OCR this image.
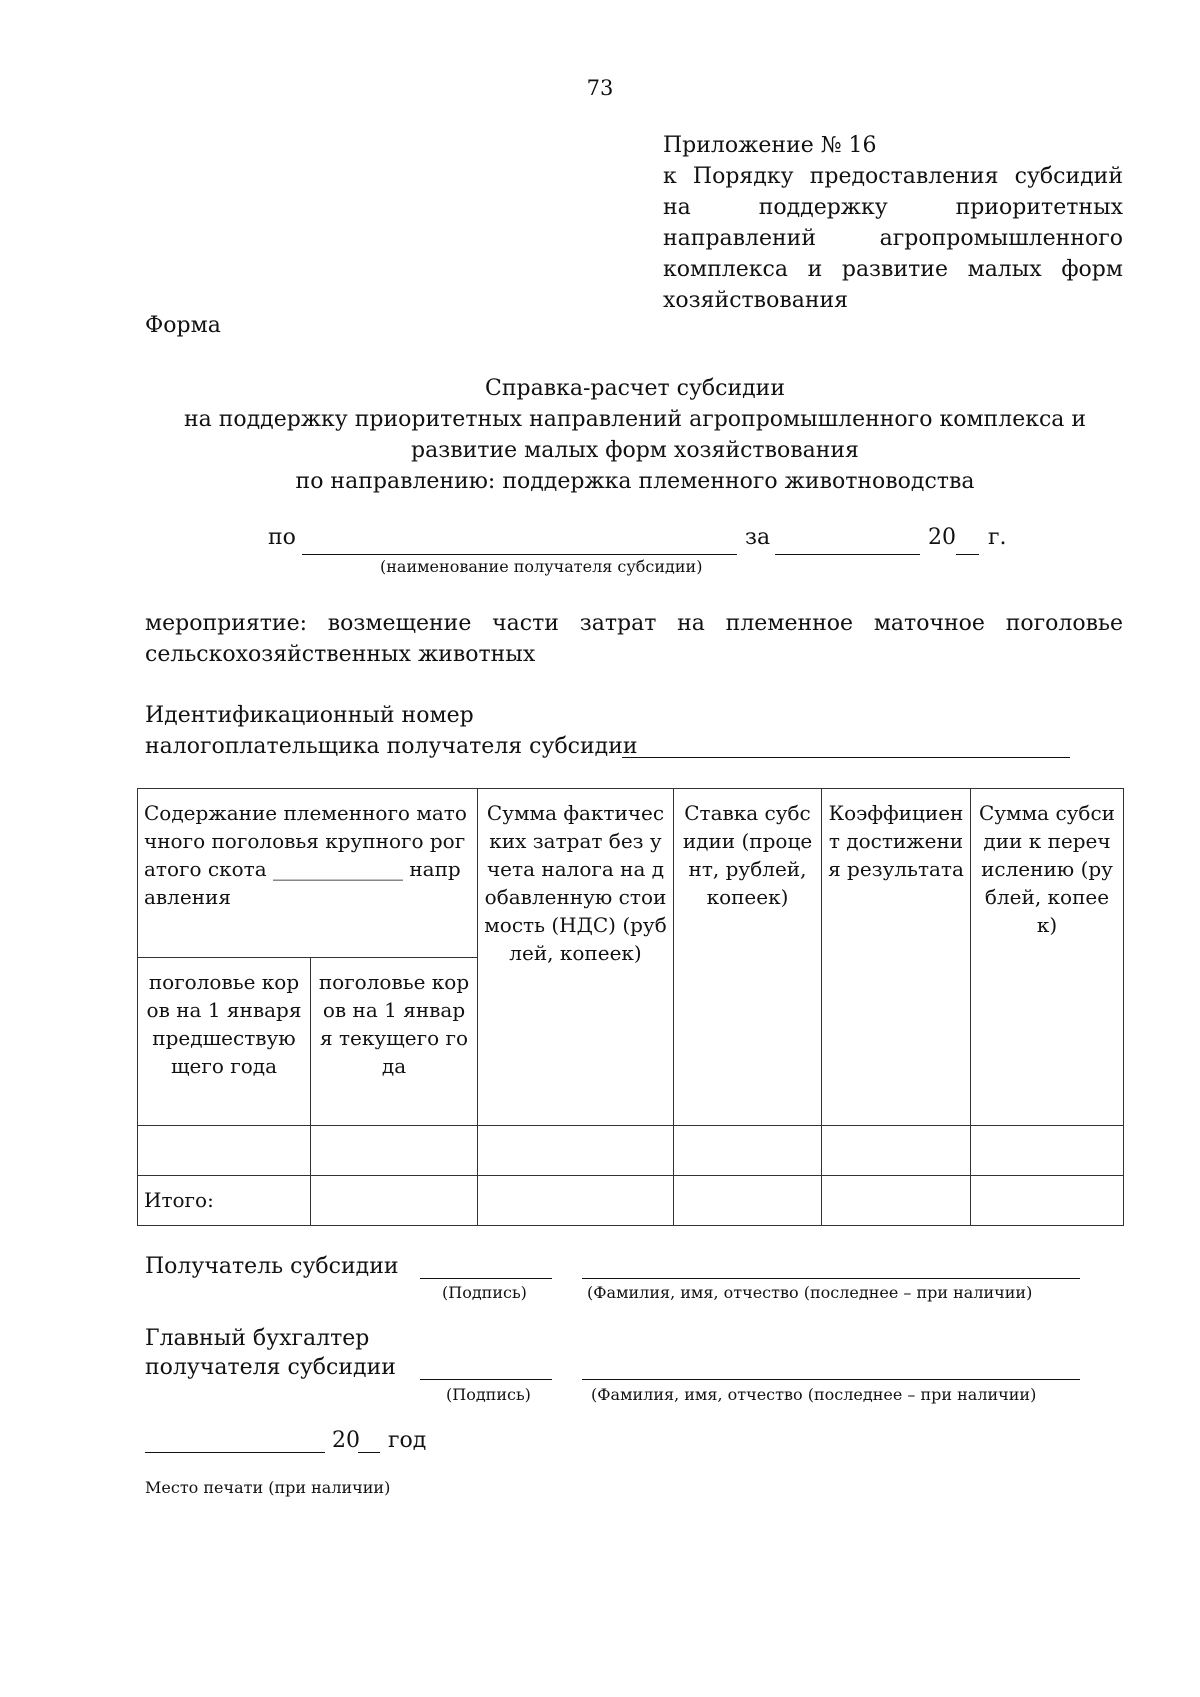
73
Приложение № 16
к Порядку предоставления субсидий на поддержку приоритетных направлений агропромышленного комплекса и развитие малых форм хозяйствования
Форма
Справка-расчет субсидии
на поддержку приоритетных направлений агропромышленного комплекса и
развитие малых форм хозяйствования
по направлению: поддержка племенного животноводства
по	за	20 г.
(наименование получателя субсидии)
мероприятие: возмещение части затрат на племенное маточное поголовье сельскохозяйственных животных
Идентификационный номер
налогоплательщика получателя субсидии
Содержание племенного маточного поголовья крупного рогатого скота _____________ направления		Сумма фактических затрат без учета налога на добавленную стоимость (НДС) (рублей, копеек)	Ставка субсидии (процент, рублей, копеек)	Коэффициент достижения результата	Сумма субсидии к перечислению (рублей, копеек)
поголовье коров на 1 января предшествующего года	поголовье коров на 1 января текущего года				

Итого:					
Получатель субсидии
(Подпись)	(Фамилия, имя, отчество (последнее – при наличии)
Главный бухгалтер
получателя субсидии
(Подпись)	(Фамилия, имя, отчество (последнее – при наличии)
20 год
Место печати (при наличии)
